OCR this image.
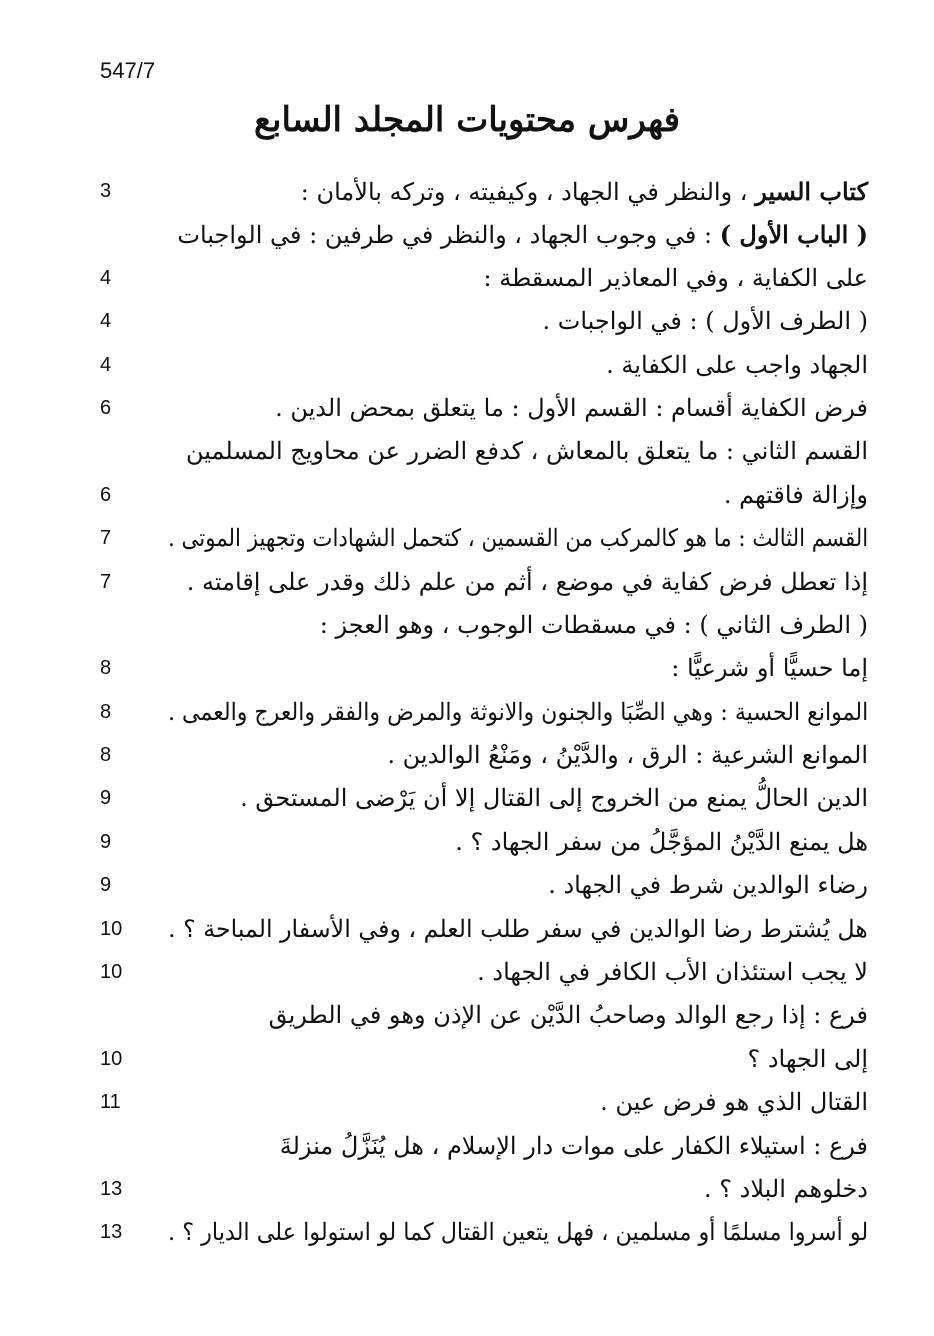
547/7
فهرس محتويات المجلد السابع
كتاب السير ، والنظر في الجهاد ، وكيفيته ، وتركه بالأمان :
3
( الباب الأول ) : في وجوب الجهاد ، والنظر في طرفين : في الواجبات
على الكفاية ، وفي المعاذير المسقطة :
4
( الطرف الأول ) : في الواجبات .
4
الجهاد واجب على الكفاية .
4
فرض الكفاية أقسام : القسم الأول : ما يتعلق بمحض الدين .
6
القسم الثاني : ما يتعلق بالمعاش ، كدفع الضرر عن محاويج المسلمين
وإزالة فاقتهم .
6
القسم الثالث : ما هو كالمركب من القسمين ، كتحمل الشهادات وتجهيز الموتى .
7
إذا تعطل فرض كفاية في موضع ، أثم من علم ذلك وقدر على إقامته .
7
( الطرف الثاني ) : في مسقطات الوجوب ، وهو العجز :
إما حسيًّا أو شرعيًّا :
8
الموانع الحسية : وهي الصِّبَا والجنون والانوثة والمرض والفقر والعرج والعمى .
8
الموانع الشرعية : الرق ، والدَّيْنُ ، ومَنْعُ الوالدين .
8
الدين الحالُّ يمنع من الخروج إلى القتال إلا أن يَرْضى المستحق .
9
هل يمنع الدَّيْنُ المؤجَّلُ من سفر الجهاد ؟ .
9
رضاء الوالدين شرط في الجهاد .
9
هل يُشترط رضا الوالدين في سفر طلب العلم ، وفي الأسفار المباحة ؟ .
10
لا يجب استئذان الأب الكافر في الجهاد .
10
فرع : إذا رجع الوالد وصاحبُ الدَّيْن عن الإذن وهو في الطريق
إلى الجهاد ؟
10
القتال الذي هو فرض عين .
11
فرع : استيلاء الكفار على موات دار الإسلام ، هل يُنَزَّلُ منزلةَ
دخلوهم البلاد ؟ .
13
لو أسروا مسلمًا أو مسلمين ، فهل يتعين القتال كما لو استولوا على الديار ؟ .
13
